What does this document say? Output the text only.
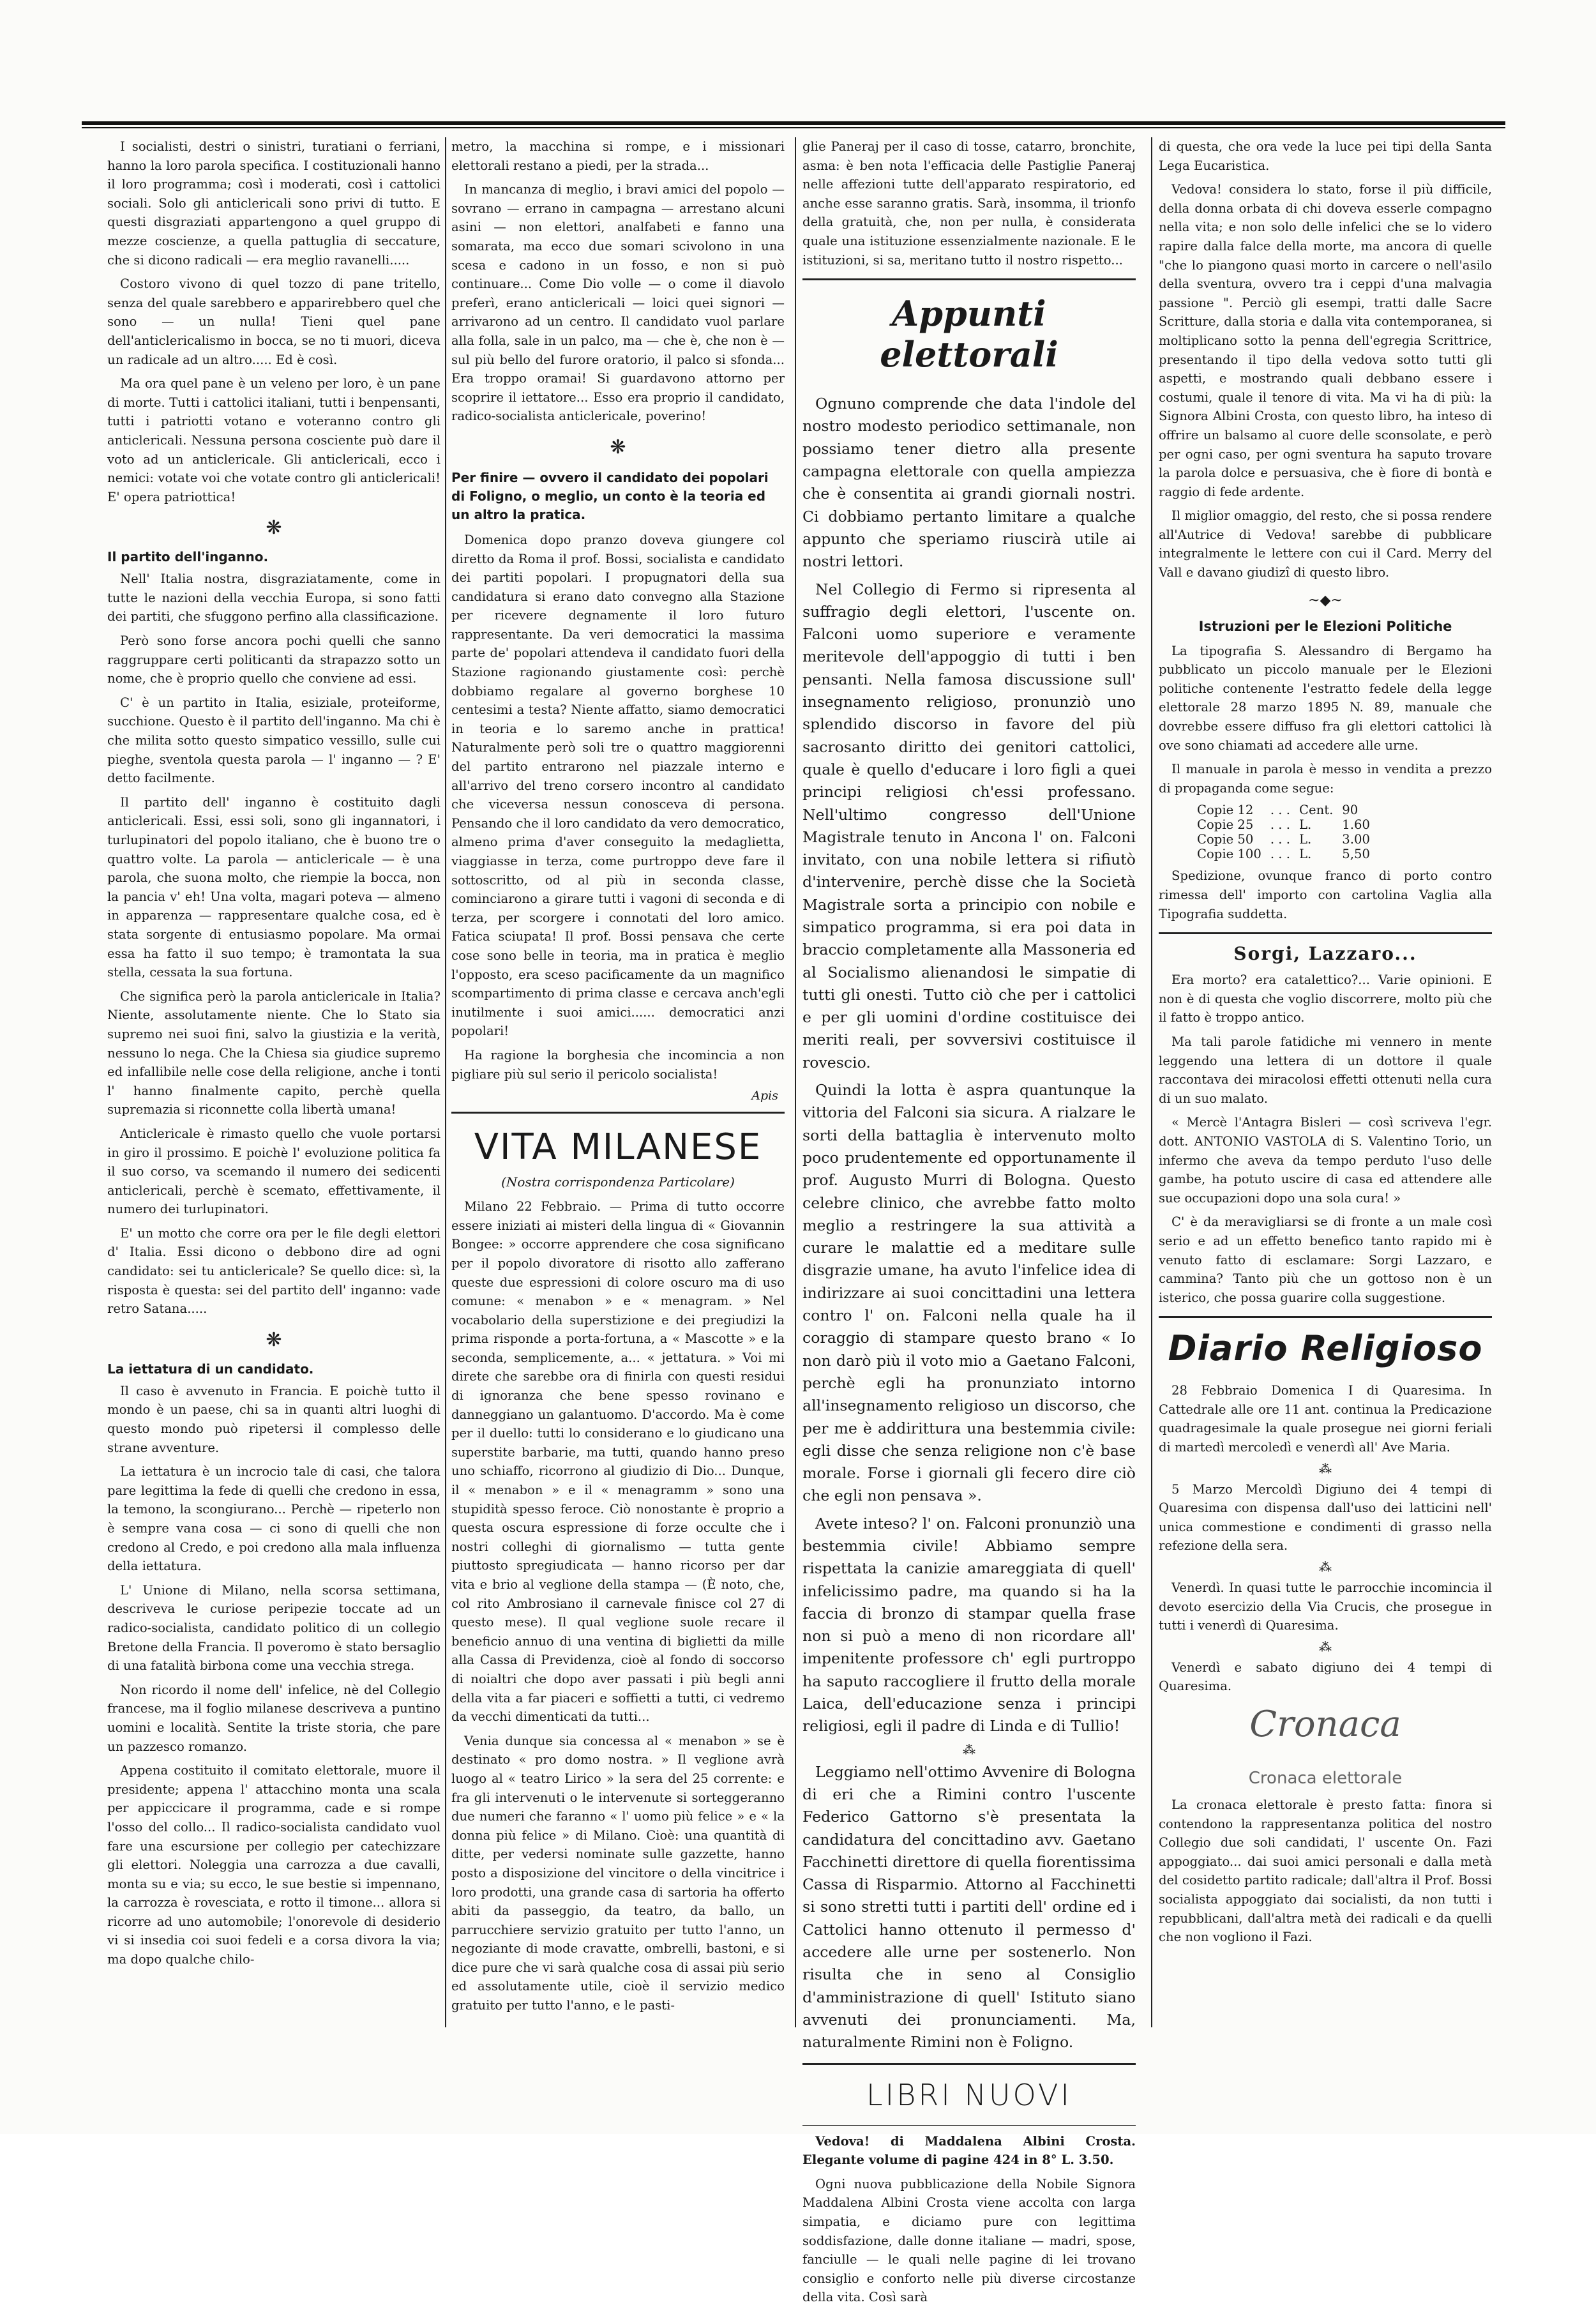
I socialisti, destri o sinistri, turatiani o ferriani, hanno la loro parola specifica. I costituzionali hanno il loro programma; così i moderati, così i cattolici sociali. Solo gli anticlericali sono privi di tutto. E questi disgraziati appartengono a quel gruppo di mezze coscienze, a quella pattuglia di seccature, che si dicono radicali — era meglio ravanelli.....

Costoro vivono di quel tozzo di pane tritello, senza del quale sarebbero e apparirebbero quel che sono — un nulla! Tieni quel pane dell'anticlericalismo in bocca, se no ti muori, diceva un radicale ad un altro..... Ed è così.

Ma ora quel pane è un veleno per loro, è un pane di morte. Tutti i cattolici italiani, tutti i benpensanti, tutti i patriotti votano e voteranno contro gli anticlericali. Nessuna persona cosciente può dare il voto ad un anticlericale. Gli anticlericali, ecco i nemici: votate voi che votate contro gli anticlericali! E' opera patriottica!

❋
Il partito dell'inganno.

Nell' Italia nostra, disgraziatamente, come in tutte le nazioni della vecchia Europa, si sono fatti dei partiti, che sfuggono perfino alla classificazione.

Però sono forse ancora pochi quelli che sanno raggruppare certi politicanti da strapazzo sotto un nome, che è proprio quello che conviene ad essi.

C' è un partito in Italia, esiziale, proteiforme, succhione. Questo è il partito dell'inganno. Ma chi è che milita sotto questo simpatico vessillo, sulle cui pieghe, sventola questa parola — l' inganno — ? E' detto facilmente.

Il partito dell' inganno è costituito dagli anticlericali. Essi, essi soli, sono gli ingannatori, i turlupinatori del popolo italiano, che è buono tre o quattro volte. La parola — anticlericale — è una parola, che suona molto, che riempie la bocca, non la pancia v' eh! Una volta, magari poteva — almeno in apparenza — rappresentare qualche cosa, ed è stata sorgente di entusiasmo popolare. Ma ormai essa ha fatto il suo tempo; è tramontata la sua stella, cessata la sua fortuna.

Che significa però la parola anticlericale in Italia? Niente, assolutamente niente. Che lo Stato sia supremo nei suoi fini, salvo la giustizia e la verità, nessuno lo nega. Che la Chiesa sia giudice supremo ed infallibile nelle cose della religione, anche i tonti l' hanno finalmente capito, perchè quella supremazia si riconnette colla libertà umana!

Anticlericale è rimasto quello che vuole portarsi in giro il prossimo. E poichè l' evoluzione politica fa il suo corso, va scemando il numero dei sedicenti anticlericali, perchè è scemato, effettivamente, il numero dei turlupinatori.

E' un motto che corre ora per le file degli elettori d' Italia. Essi dicono o debbono dire ad ogni candidato: sei tu anticlericale? Se quello dice: sì, la risposta è questa: sei del partito dell' inganno: vade retro Satana.....

❋
La iettatura di un candidato.

Il caso è avvenuto in Francia. E poichè tutto il mondo è un paese, chi sa in quanti altri luoghi di questo mondo può ripetersi il complesso delle strane avventure.

La iettatura è un incrocio tale di casi, che talora pare legittima la fede di quelli che credono in essa, la temono, la scongiurano... Perchè — ripeterlo non è sempre vana cosa — ci sono di quelli che non credono al Credo, e poi credono alla mala influenza della iettatura.

L' Unione di Milano, nella scorsa settimana, descriveva le curiose peripezie toccate ad un radico-socialista, candidato politico di un collegio Bretone della Francia. Il poveromo è stato bersaglio di una fatalità birbona come una vecchia strega.

Non ricordo il nome dell' infelice, nè del Collegio francese, ma il foglio milanese descriveva a puntino uomini e località. Sentite la triste storia, che pare un pazzesco romanzo.

Appena costituito il comitato elettorale, muore il presidente; appena l' attacchino monta una scala per appiccicare il programma, cade e si rompe l'osso del collo... Il radico-socialista candidato vuol fare una escursione per collegio per catechizzare gli elettori. Noleggia una carrozza a due cavalli, monta su e via; su ecco, le sue bestie si impennano, la carrozza è rovesciata, e rotto il timone... allora si ricorre ad uno automobile; l'onorevole di desiderio vi si insedia coi suoi fedeli e a corsa divora la via; ma dopo qualche chilo-

metro, la macchina si rompe, e i missionari elettorali restano a piedi, per la strada...

In mancanza di meglio, i bravi amici del popolo — sovrano — errano in campagna — arrestano alcuni asini — non elettori, analfabeti e fanno una somarata, ma ecco due somari scivolono in una scesa e cadono in un fosso, e non si può continuare... Come Dio volle — o come il diavolo preferì, erano anticlericali — loici quei signori — arrivarono ad un centro. Il candidato vuol parlare alla folla, sale in un palco, ma — che è, che non è — sul più bello del furore oratorio, il palco si sfonda... Era troppo oramai! Si guardavono attorno per scoprire il iettatore... Esso era proprio il candidato, radico-socialista anticlericale, poverino!

❋
Per finire — ovvero il candidato dei popolari di Foligno, o meglio, un conto è la teoria ed un altro la pratica.

Domenica dopo pranzo doveva giungere col diretto da Roma il prof. Bossi, socialista e candidato dei partiti popolari. I propugnatori della sua candidatura si erano dato convegno alla Stazione per ricevere degnamente il loro futuro rappresentante. Da veri democratici la massima parte de' popolari attendeva il candidato fuori della Stazione ragionando giustamente così: perchè dobbiamo regalare al governo borghese 10 centesimi a testa? Niente affatto, siamo democratici in teoria e lo saremo anche in prattica! Naturalmente però soli tre o quattro maggiorenni del partito entrarono nel piazzale interno e all'arrivo del treno corsero incontro al candidato che viceversa nessun conosceva di persona. Pensando che il loro candidato da vero democratico, almeno prima d'aver conseguito la medaglietta, viaggiasse in terza, come purtroppo deve fare il sottoscritto, od al più in seconda classe, cominciarono a girare tutti i vagoni di seconda e di terza, per scorgere i connotati del loro amico. Fatica sciupata! Il prof. Bossi pensava che certe cose sono belle in teoria, ma in pratica è meglio l'opposto, era sceso pacificamente da un magnifico scompartimento di prima classe e cercava anch'egli inutilmente i suoi amici...... democratici anzi popolari!

Ha ragione la borghesia che incomincia a non pigliare più sul serio il pericolo socialista!

Apis
VITA MILANESE
(Nostra corrispondenza Particolare)

Milano 22 Febbraio. — Prima di tutto occorre essere iniziati ai misteri della lingua di « Giovannin Bongee: » occorre apprendere che cosa significano per il popolo divoratore di risotto allo zafferano queste due espressioni di colore oscuro ma di uso comune: « menabon » e « menagram. » Nel vocabolario della superstizione e dei pregiudizi la prima risponde a porta-fortuna, a « Mascotte » e la seconda, semplicemente, a... « jettatura. » Voi mi direte che sarebbe ora di finirla con questi residui di ignoranza che bene spesso rovinano e danneggiano un galantuomo. D'accordo. Ma è come per il duello: tutti lo considerano e lo giudicano una superstite barbarie, ma tutti, quando hanno preso uno schiaffo, ricorrono al giudizio di Dio... Dunque, il « menabon » e il « menagramm » sono una stupidità spesso feroce. Ciò nonostante è proprio a questa oscura espressione di forze occulte che i nostri colleghi di giornalismo — tutta gente piuttosto spregiudicata — hanno ricorso per dar vita e brio al veglione della stampa — (È noto, che, col rito Ambrosiano il carnevale finisce col 27 di questo mese). Il qual veglione suole recare il beneficio annuo di una ventina di biglietti da mille alla Cassa di Previdenza, cioè al fondo di soccorso di noialtri che dopo aver passati i più begli anni della vita a far piaceri e soffietti a tutti, ci vedremo da vecchi dimenticati da tutti...

Venia dunque sia concessa al « menabon » se è destinato « pro domo nostra. » Il veglione avrà luogo al « teatro Lirico » la sera del 25 corrente: e fra gli intervenuti o le intervenute si sorteggeranno due numeri che faranno « l' uomo più felice » e « la donna più felice » di Milano. Cioè: una quantità di ditte, per vedersi nominate sulle gazzette, hanno posto a disposizione del vincitore o della vincitrice i loro prodotti, una grande casa di sartoria ha offerto abiti da passeggio, da teatro, da ballo, un parrucchiere servizio gratuito per tutto l'anno, un negoziante di mode cravatte, ombrelli, bastoni, e si dice pure che vi sarà qualche cosa di assai più serio ed assolutamente utile, cioè il servizio medico gratuito per tutto l'anno, e le pasti-

glie Paneraj per il caso di tosse, catarro, bronchite, asma: è ben nota l'efficacia delle Pastiglie Paneraj nelle affezioni tutte dell'apparato respiratorio, ed anche esse saranno gratis. Sarà, insomma, il trionfo della gratuità, che, non per nulla, è considerata quale una istituzione essenzialmente nazionale. E le istituzioni, si sa, meritano tutto il nostro rispetto...

Appunti elettorali

Ognuno comprende che data l'indole del nostro modesto periodico settimanale, non possiamo tener dietro alla presente campagna elettorale con quella ampiezza che è consentita ai grandi giornali nostri. Ci dobbiamo pertanto limitare a qualche appunto che speriamo riuscirà utile ai nostri lettori.

Nel Collegio di Fermo si ripresenta al suffragio degli elettori, l'uscente on. Falconi uomo superiore e veramente meritevole dell'appoggio di tutti i ben pensanti. Nella famosa discussione sull' insegnamento religioso, pronunziò uno splendido discorso in favore del più sacrosanto diritto dei genitori cattolici, quale è quello d'educare i loro figli a quei principi religiosi ch'essi professano. Nell'ultimo congresso dell'Unione Magistrale tenuto in Ancona l' on. Falconi invitato, con una nobile lettera si rifiutò d'intervenire, perchè disse che la Società Magistrale sorta a principio con nobile e simpatico programma, si era poi data in braccio completamente alla Massoneria ed al Socialismo alienandosi le simpatie di tutti gli onesti. Tutto ciò che per i cattolici e per gli uomini d'ordine costituisce dei meriti reali, per sovversivi costituisce il rovescio.

Quindi la lotta è aspra quantunque la vittoria del Falconi sia sicura. A rialzare le sorti della battaglia è intervenuto molto poco prudentemente ed opportunamente il prof. Augusto Murri di Bologna. Questo celebre clinico, che avrebbe fatto molto meglio a restringere la sua attività a curare le malattie ed a meditare sulle disgrazie umane, ha avuto l'infelice idea di indirizzare ai suoi concittadini una lettera contro l' on. Falconi nella quale ha il coraggio di stampare questo brano « Io non darò più il voto mio a Gaetano Falconi, perchè egli ha pronunziato intorno all'insegnamento religioso un discorso, che per me è addirittura una bestemmia civile: egli disse che senza religione non c'è base morale. Forse i giornali gli fecero dire ciò che egli non pensava ».

Avete inteso? l' on. Falconi pronunziò una bestemmia civile! Abbiamo sempre rispettata la canizie amareggiata di quell' infelicissimo padre, ma quando si ha la faccia di bronzo di stampar quella frase non si può a meno di non ricordare all' impenitente professore ch' egli purtroppo ha saputo raccogliere il frutto della morale Laica, dell'educazione senza i principi religiosi, egli il padre di Linda e di Tullio!

⁂

Leggiamo nell'ottimo Avvenire di Bologna di eri che a Rimini contro l'uscente Federico Gattorno s'è presentata la candidatura del concittadino avv. Gaetano Facchinetti direttore di quella fiorentissima Cassa di Risparmio. Attorno al Facchinetti si sono stretti tutti i partiti dell' ordine ed i Cattolici hanno ottenuto il permesso d' accedere alle urne per sostenerlo. Non risulta che in seno al Consiglio d'amministrazione di quell' Istituto siano avvenuti dei pronunciamenti. Ma, naturalmente Rimini non è Foligno.

LIBRI NUOVI

Vedova! di Maddalena Albini Crosta. Elegante volume di pagine 424 in 8° L. 3.50.

Ogni nuova pubblicazione della Nobile Signora Maddalena Albini Crosta viene accolta con larga simpatia, e diciamo pure con legittima soddisfazione, dalle donne italiane — madri, spose, fanciulle — le quali nelle pagine di lei trovano consiglio e conforto nelle più diverse circostanze della vita. Così sarà

di questa, che ora vede la luce pei tipi della Santa Lega Eucaristica.

Vedova! considera lo stato, forse il più difficile, della donna orbata di chi doveva esserle compagno nella vita; e non solo delle infelici che se lo videro rapire dalla falce della morte, ma ancora di quelle "che lo piangono quasi morto in carcere o nell'asilo della sventura, ovvero tra i ceppi d'una malvagia passione ". Perciò gli esempi, tratti dalle Sacre Scritture, dalla storia e dalla vita contemporanea, si moltiplicano sotto la penna dell'egregia Scrittrice, presentando il tipo della vedova sotto tutti gli aspetti, e mostrando quali debbano essere i costumi, quale il tenore di vita. Ma vi ha di più: la Signora Albini Crosta, con questo libro, ha inteso di offrire un balsamo al cuore delle sconsolate, e però per ogni caso, per ogni sventura ha saputo trovare la parola dolce e persuasiva, che è fiore di bontà e raggio di fede ardente.

Il miglior omaggio, del resto, che si possa rendere all'Autrice di Vedova! sarebbe di pubblicare integralmente le lettere con cui il Card. Merry del Vall e davano giudizî di questo libro.

~◆~
Istruzioni per le Elezioni Politiche

La tipografia S. Alessandro di Bergamo ha pubblicato un piccolo manuale per le Elezioni politiche contenente l'estratto fedele della legge elettorale 28 marzo 1895 N. 89, manuale che dovrebbe essere diffuso fra gli elettori cattolici là ove sono chiamati ad accedere alle urne.

Il manuale in parola è messo in vendita a prezzo di propaganda come segue:

Copie 12	. . .	Cent.	90
Copie 25	. . .	L.	1.60
Copie 50	. . .	L.	3.00
Copie 100	. . .	L.	5,50

Spedizione, ovunque franco di porto contro rimessa dell' importo con cartolina Vaglia alla Tipografia suddetta.

Sorgi, Lazzaro...

Era morto? era catalettico?... Varie opinioni. E non è di questa che voglio discorrere, molto più che il fatto è troppo antico.

Ma tali parole fatidiche mi vennero in mente leggendo una lettera di un dottore il quale raccontava dei miracolosi effetti ottenuti nella cura di un suo malato.

« Mercè l'Antagra Bisleri — così scriveva l'egr. dott. ANTONIO VASTOLA di S. Valentino Torio, un infermo che aveva da tempo perduto l'uso delle gambe, ha potuto uscire di casa ed attendere alle sue occupazioni dopo una sola cura! »

C' è da meravigliarsi se di fronte a un male così serio e ad un effetto benefico tanto rapido mi è venuto fatto di esclamare: Sorgi Lazzaro, e cammina? Tanto più che un gottoso non è un isterico, che possa guarire colla suggestione.

Diario Religioso

28 Febbraio Domenica I di Quaresima. In Cattedrale alle ore 11 ant. continua la Predicazione quadragesimale la quale prosegue nei giorni feriali di martedì mercoledì e venerdì all' Ave Maria.

⁂

5 Marzo Mercoldì Digiuno dei 4 tempi di Quaresima con dispensa dall'uso dei latticini nell' unica commestione e condimenti di grasso nella refezione della sera.

⁂

Venerdì. In quasi tutte le parrocchie incomincia il devoto esercizio della Via Crucis, che prosegue in tutti i venerdì di Quaresima.

⁂

Venerdì e sabato digiuno dei 4 tempi di Quaresima.

Cronaca
Cronaca elettorale

La cronaca elettorale è presto fatta: finora si contendono la rappresentanza politica del nostro Collegio due soli candidati, l' uscente On. Fazi appoggiato... dai suoi amici personali e dalla metà del cosidetto partito radicale; dall'altra il Prof. Bossi socialista appoggiato dai socialisti, da non tutti i repubblicani, dall'altra metà dei radicali e da quelli che non vogliono il Fazi.
